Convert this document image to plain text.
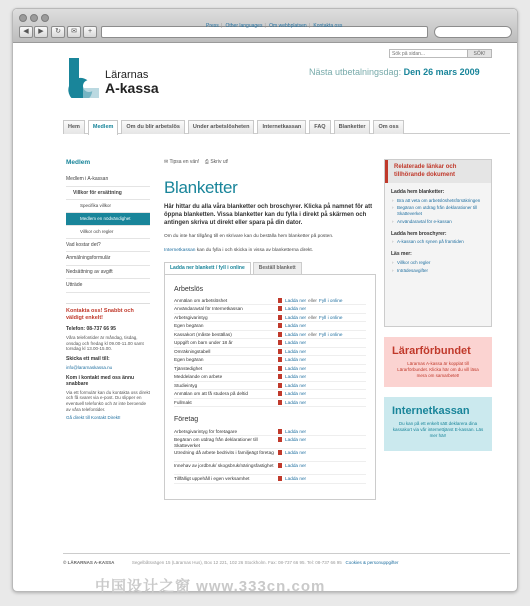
◀	▶	↻	✉	+
Press | Other languages | Om webbplatsen | Kontakta oss
Sök på sidan...
SÖK!
Lärarnas
A-kassa
Nästa utbetalningsdag: Den 26 mars 2009
Hem	Medlem	Om du blir arbetslös	Under arbetslösheten	Internetkassan	FAQ	Blanketter	Om oss
Medlem
Medlem i A-kassan
Villkor för ersättning
Specifika villkor
Medlem en nödvändighet
Villkor och regler
Vad kostar det?
Anmälningsformulär
Nedsättning av avgift
Utträde
Kontakta oss! Snabbt och väldigt enkelt!
Telefon: 08-737 66 95
Våra telefontider är måndag, tisdag, onsdag och fredag kl 09.00-11.00 samt torsdag kl 13.00-15.00.
Skicka ett mail till:
info@lararnaskassa.nu
Kom i kontakt med oss ännu snabbare
Via ett formulär kan du kontakta oss direkt och få svaret via e-post. Du slipper en eventuell telefonkö och är inte beroende av våra telefontider.
Gå direkt till Kontakt Direkt!
✉ Tipsa en vän! ⎙ Skriv ut!
Blanketter
Här hittar du alla våra blanketter och broschyrer. Klicka på namnet för att öppna blanketten. Vissa blanketter kan du fylla i direkt på skärmen och antingen skriva ut direkt eller spara på din dator.
Om du inte har tillgång till en skrivare kan du beställa hem blanketter på posten.
Internetkassan kan du fylla i och skicka in vissa av blanketterna direkt.
Ladda ner blankett / fyll i online	Beställ blankett
Arbetslös
Anmälan om arbetslöshet	Ladda ner eller Fyll i online
Användaravtal för Internetkassan	Ladda ner
Arbetsgivarintyg	Ladda ner eller Fyll i online
Egen begäran	Ladda ner
Kassakort (måste beställas)	Ladda ner eller Fyll i online
Uppgift om barn under 18 år	Ladda ner
Omräkningstabell	Ladda ner
Egen begäran	Ladda ner
Tjänstedighet	Ladda ner
Meddelande om arbete	Ladda ner
Studieintyg	Ladda ner
Anmälan om att få studera på deltid	Ladda ner
Fullmakt	Ladda ner
Företag
Arbetsgivarintyg för företagare	Ladda ner
Begäran om utdrag från deklarationer till Skatteverket
Ladda ner
Utredning då arbete bedrivits i familjeägt företag	Ladda ner
Innehav av jordbruk/ skogsbruk/näringsfastighet	Ladda ner
Tillfälligt uppehåll i egen verksamhet	Ladda ner
Relaterade länkar och tillhörande dokument
Ladda hem blanketter:
› Bra att veta om arbetslöshetsförsäkringen
› Begäran om utdrag från deklarationer till Skatteverket
› Användaravtal för e-kassan
Ladda hem broschyrer:
› A-kassan och synen på framtiden
Läs mer:
› Villkor och regler
› Inträdesavgifter
Lärarförbundet
Lärarnas A-kassa är kopplat till Lärarförbundet. Klicka här om du vill läsa mera om samarbetet!
Internetkassan
Du kan på ett enkelt sätt deklarera dina kassakort via vår internettjänst E-kassan. Läs mer här!
© LÄRARNAS A-KASSA	Segelbåtsvägen 15 (Lärarnas Hus), Box 12 221, 102 26 Stockholm. Fax: 08-737 66 95. Tel: 08-737 66 95 Cookies & personuppgifter
中国设计之窗 www.333cn.com
